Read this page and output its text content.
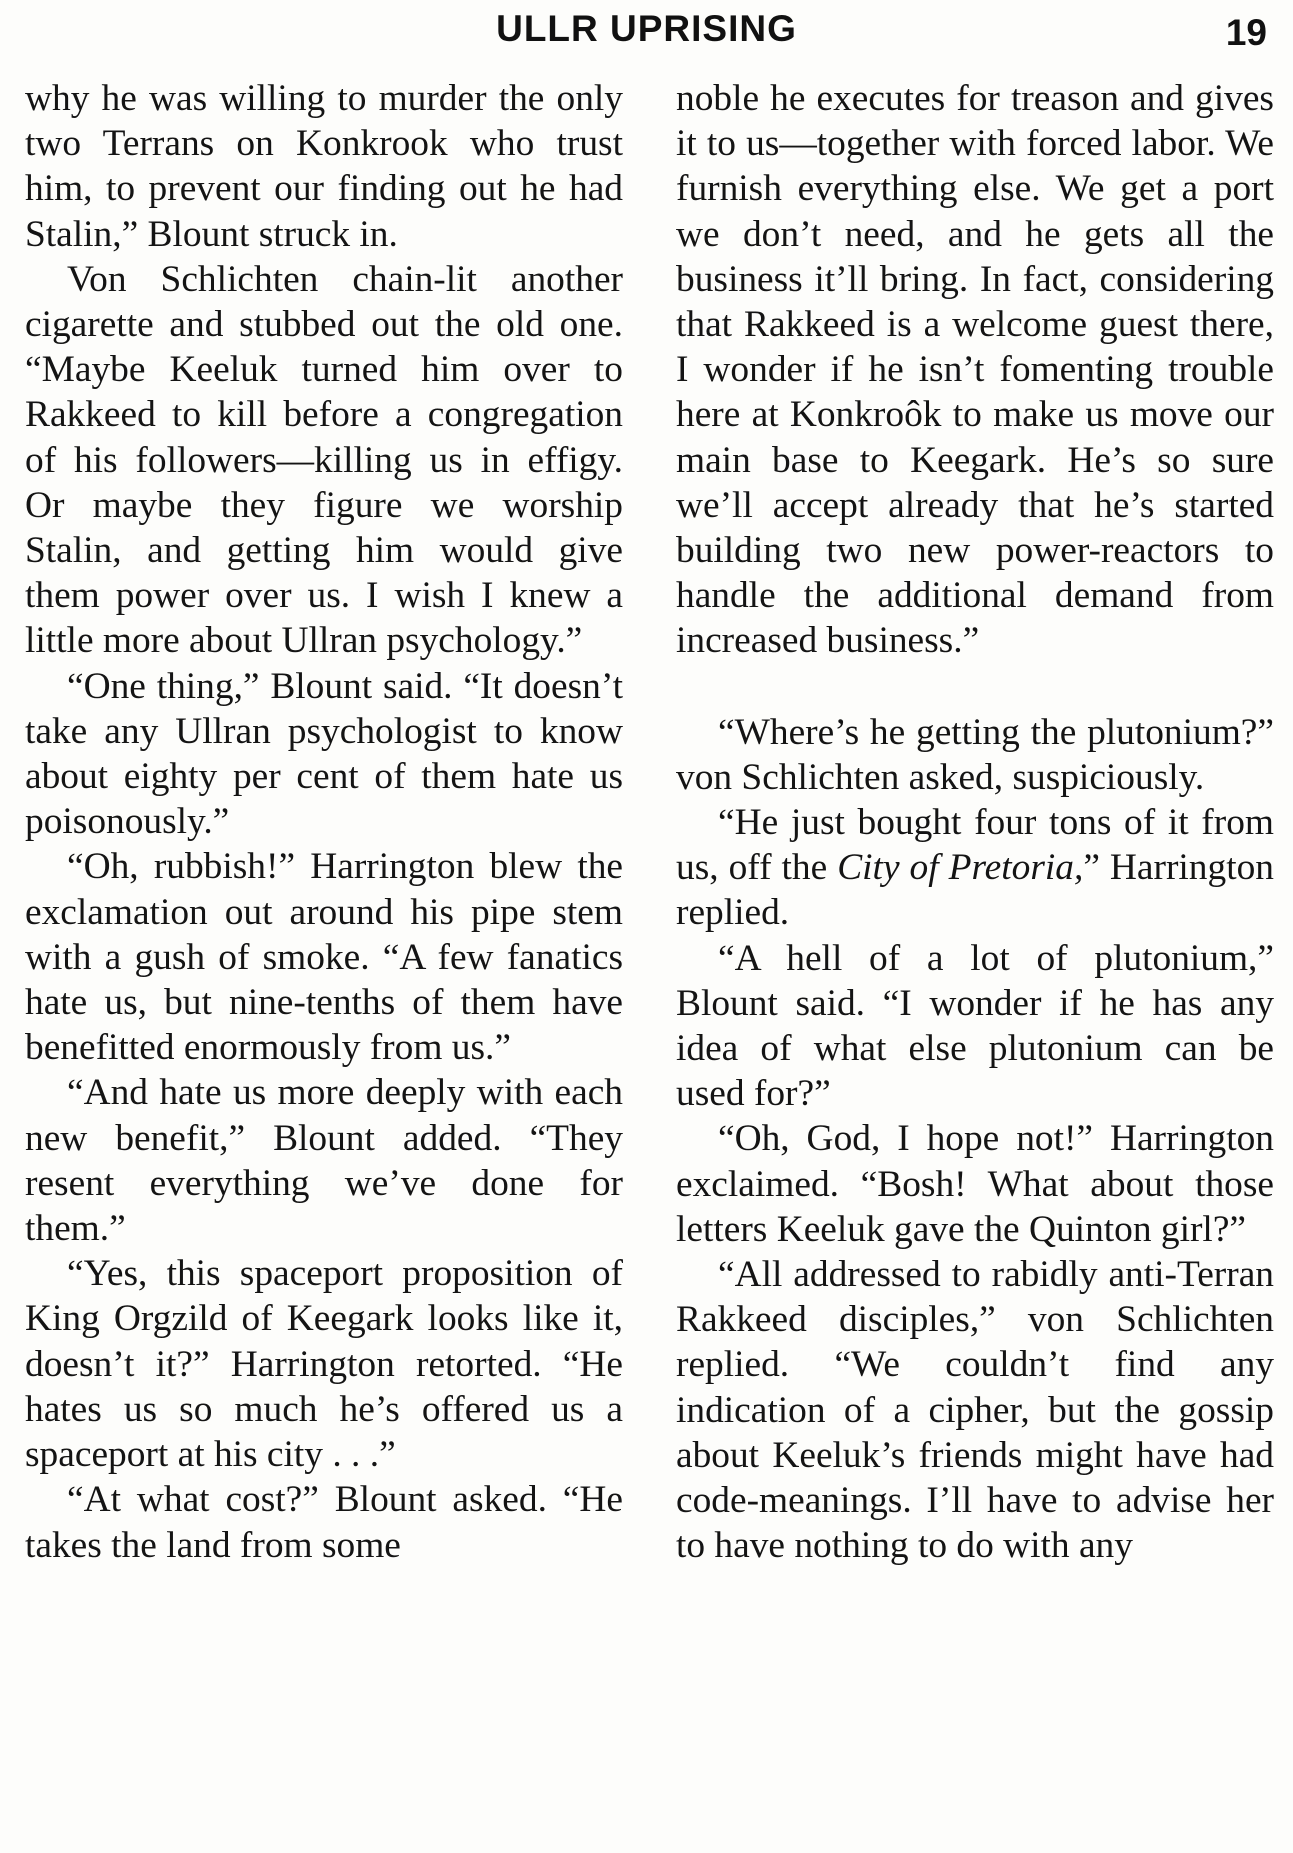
ULLR UPRISING	19

why he was willing to murder the only two Terrans on Konkrook who trust him, to prevent our finding out he had Stalin,” Blount struck in.

Von Schlichten chain-lit another cigarette and stubbed out the old one. “Maybe Keeluk turned him over to Rakkeed to kill before a congregation of his followers—killing us in effigy. Or maybe they figure we worship Stalin, and getting him would give them power over us. I wish I knew a little more about Ullran psychology.”

“One thing,” Blount said. “It doesn’t take any Ullran psychologist to know about eighty per cent of them hate us poisonously.”

“Oh, rubbish!” Harrington blew the exclamation out around his pipe stem with a gush of smoke. “A few fanatics hate us, but nine-tenths of them have benefitted enormously from us.”

“And hate us more deeply with each new benefit,” Blount added. “They resent everything we’ve done for them.”

“Yes, this spaceport proposition of King Orgzild of Keegark looks like it, doesn’t it?” Harrington retorted. “He hates us so much he’s offered us a spaceport at his city . . .”

“At what cost?” Blount asked. “He takes the land from some

noble he executes for treason and gives it to us—together with forced labor. We furnish everything else. We get a port we don’t need, and he gets all the business it’ll bring. In fact, considering that Rakkeed is a welcome guest there, I wonder if he isn’t fomenting trouble here at Konkroôk to make us move our main base to Keegark. He’s so sure we’ll accept already that he’s started building two new power-reactors to handle the additional demand from increased business.”

“Where’s he getting the plutonium?” von Schlichten asked, suspiciously.

“He just bought four tons of it from us, off the City of Pretoria,” Harrington replied.

“A hell of a lot of plutonium,” Blount said. “I wonder if he has any idea of what else plutonium can be used for?”

“Oh, God, I hope not!” Harrington exclaimed. “Bosh! What about those letters Keeluk gave the Quinton girl?”

“All addressed to rabidly anti-Terran Rakkeed disciples,” von Schlichten replied. “We couldn’t find any indication of a cipher, but the gossip about Keeluk’s friends might have had code-meanings. I’ll have to advise her to have nothing to do with any
